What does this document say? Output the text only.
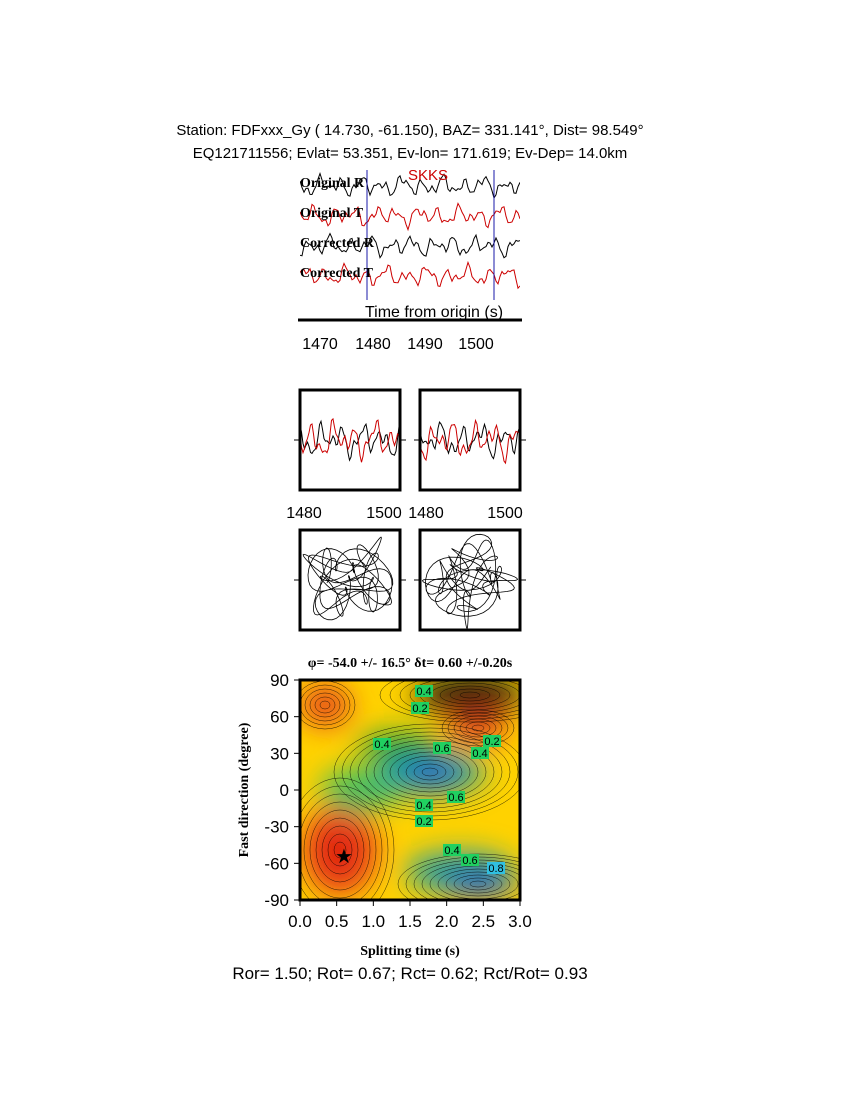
Station: FDFxxx_Gy ( 14.730, -61.150), BAZ= 331.141°, Dist= 98.549°
EQ121711556; Evlat= 53.351, Ev-lon= 171.619; Ev-Dep= 14.0km
Original R
Original T
Corrected R
Corrected T
SKKS
Time from origin (s)
1470 1480 1490 1500
1480	1500 1480	1500
φ= -54.0 +/- 16.5° δt= 0.60 +/-0.20s
0.0 0.5 1.0 1.5 2.0 2.5 3.0
90
60
30
0
-30
-60
-90
0.2
0.4	0.6 0.4
0.4
0.6
0.2
0.4
0.6
0.8
0.4
0.2
★
Fast direction (degree)
Splitting time (s)
Ror= 1.50; Rot= 0.67; Rct= 0.62; Rct/Rot= 0.93
